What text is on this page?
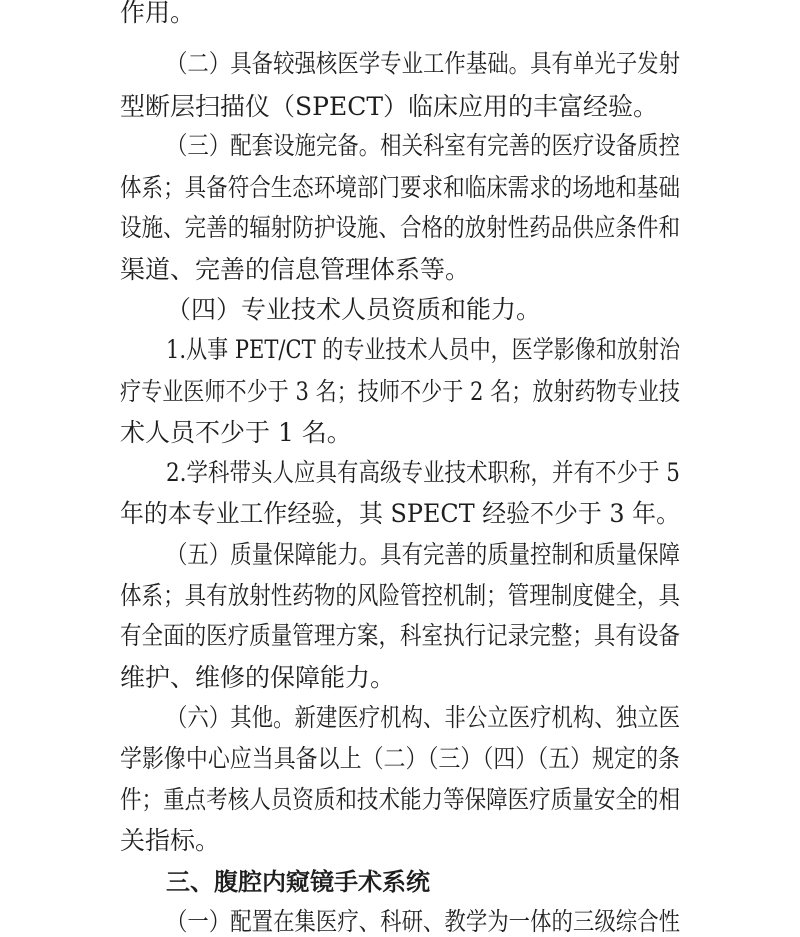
作用。
（二）具备较强核医学专业工作基础。具有单光子发射
型断层扫描仪（SPECT）临床应用的丰富经验。
（三）配套设施完备。相关科室有完善的医疗设备质控
体系；具备符合生态环境部门要求和临床需求的场地和基础
设施、完善的辐射防护设施、合格的放射性药品供应条件和
渠道、完善的信息管理体系等。
（四）专业技术人员资质和能力。
1.从事 PET/CT 的专业技术人员中，医学影像和放射治
疗专业医师不少于 3 名；技师不少于 2 名；放射药物专业技
术人员不少于 1 名。
2.学科带头人应具有高级专业技术职称，并有不少于 5
年的本专业工作经验，其 SPECT 经验不少于 3 年。
（五）质量保障能力。具有完善的质量控制和质量保障
体系；具有放射性药物的风险管控机制；管理制度健全，具
有全面的医疗质量管理方案，科室执行记录完整；具有设备
维护、维修的保障能力。
（六）其他。新建医疗机构、非公立医疗机构、独立医
学影像中心应当具备以上（二）（三）（四）（五）规定的条
件；重点考核人员资质和技术能力等保障医疗质量安全的相
关指标。
三、腹腔内窥镜手术系统
（一）配置在集医疗、科研、教学为一体的三级综合性
